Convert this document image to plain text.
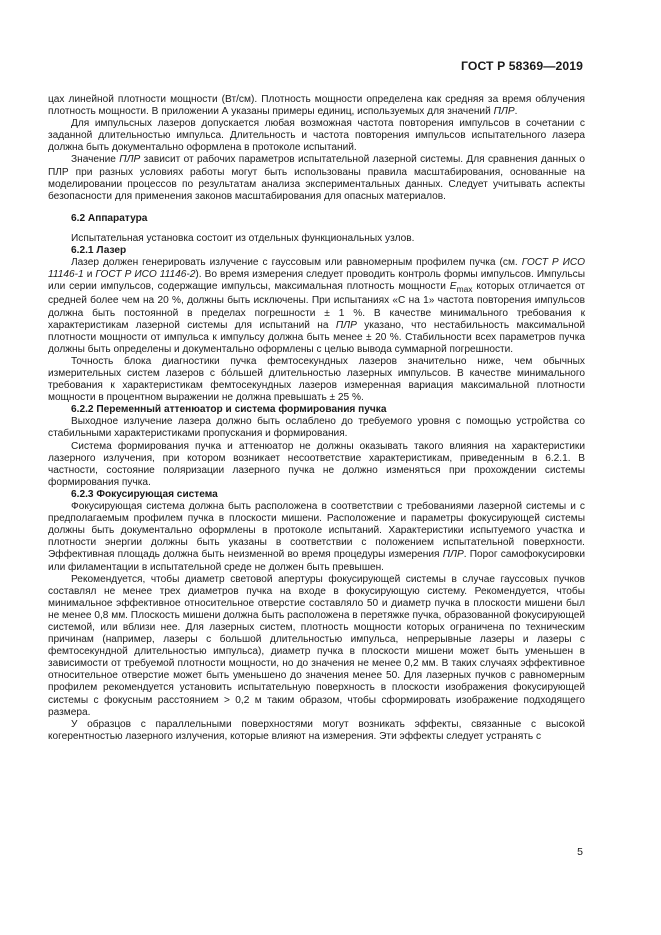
ГОСТ Р 58369—2019

цах линейной плотности мощности (Вт/см). Плотность мощности определена как средняя за время облучения плотность мощности. В приложении А указаны примеры единиц, используемых для значений ПЛР.

Для импульсных лазеров допускается любая возможная частота повторения импульсов в сочетании с заданной длительностью импульса. Длительность и частота повторения импульсов испытательного лазера должна быть документально оформлена в протоколе испытаний.

Значение ПЛР зависит от рабочих параметров испытательной лазерной системы. Для сравнения данных о ПЛР при разных условиях работы могут быть использованы правила масштабирования, основанные на моделировании процессов по результатам анализа экспериментальных данных. Следует учитывать аспекты безопасности для применения законов масштабирования для опасных материалов.

6.2 Аппаратура

Испытательная установка состоит из отдельных функциональных узлов.

6.2.1 Лазер

Лазер должен генерировать излучение с гауссовым или равномерным профилем пучка (см. ГОСТ Р ИСО 11146-1 и ГОСТ Р ИСО 11146-2). Во время измерения следует проводить контроль формы импульсов. Импульсы или серии импульсов, содержащие импульсы, максимальная плотность мощности $E_{max}$ которых отличается от средней более чем на 20 %, должны быть исключены. При испытаниях «С на 1» частота повторения импульсов должна быть постоянной в пределах погрешности ± 1 %. В качестве минимального требования к характеристикам лазерной системы для испытаний на ПЛР указано, что нестабильность максимальной плотности мощности от импульса к импульсу должна быть менее ± 20 %. Стабильности всех параметров пучка должны быть определены и документально оформлены с целью вывода суммарной погрешности.

Точность блока диагностики пучка фемтосекундных лазеров значительно ниже, чем обычных измерительных систем лазеров с бо́льшей длительностью лазерных импульсов. В качестве минимального требования к характеристикам фемтосекундных лазеров измеренная вариация максимальной плотности мощности в процентном выражении не должна превышать ± 25 %.

6.2.2 Переменный аттенюатор и система формирования пучка

Выходное излучение лазера должно быть ослаблено до требуемого уровня с помощью устройства со стабильными характеристиками пропускания и формирования.

Система формирования пучка и аттенюатор не должны оказывать такого влияния на характеристики лазерного излучения, при котором возникает несоответствие характеристикам, приведенным в 6.2.1. В частности, состояние поляризации лазерного пучка не должно изменяться при прохождении системы формирования пучка.

6.2.3 Фокусирующая система

Фокусирующая система должна быть расположена в соответствии с требованиями лазерной системы и с предполагаемым профилем пучка в плоскости мишени. Расположение и параметры фокусирующей системы должны быть документально оформлены в протоколе испытаний. Характеристики испытуемого участка и плотности энергии должны быть указаны в соответствии с положением испытательной поверхности. Эффективная площадь должна быть неизменной во время процедуры измерения ПЛР. Порог самофокусировки или филаментации в испытательной среде не должен быть превышен.

Рекомендуется, чтобы диаметр световой апертуры фокусирующей системы в случае гауссовых пучков составлял не менее трех диаметров пучка на входе в фокусирующую систему. Рекомендуется, чтобы минимальное эффективное относительное отверстие составляло 50 и диаметр пучка в плоскости мишени был не менее 0,8 мм. Плоскость мишени должна быть расположена в перетяжке пучка, образованной фокусирующей системой, или вблизи нее. Для лазерных систем, плотность мощности которых ограничена по техническим причинам (например, лазеры с большой длительностью импульса, непрерывные лазеры и лазеры с фемтосекундной длительностью импульса), диаметр пучка в плоскости мишени может быть уменьшен в зависимости от требуемой плотности мощности, но до значения не менее 0,2 мм. В таких случаях эффективное относительное отверстие может быть уменьшено до значения менее 50. Для лазерных пучков с равномерным профилем рекомендуется установить испытательную поверхность в плоскости изображения фокусирующей системы с фокусным расстоянием > 0,2 м таким образом, чтобы сформировать изображение подходящего размера.

У образцов с параллельными поверхностями могут возникать эффекты, связанные с высокой когерентностью лазерного излучения, которые влияют на измерения. Эти эффекты следует устранять с

5
